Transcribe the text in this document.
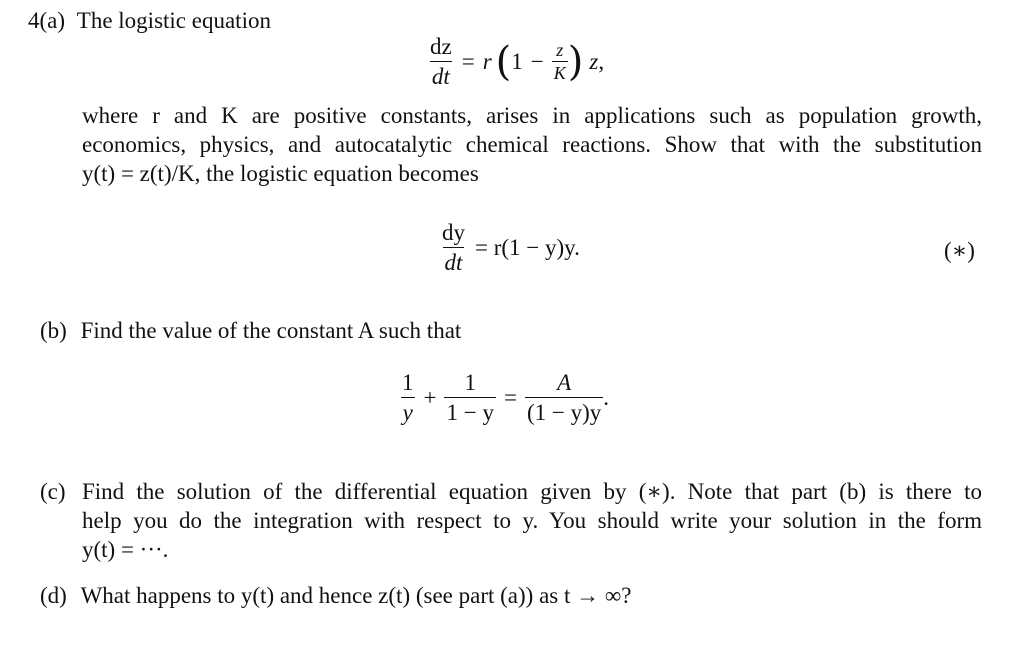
4(a) The logistic equation
$\frac{dz}{dt} = r$ ( $1 - \frac{z}{K}$ ) z ,
where r and K are positive constants, arises in applications such as population growth,
economics, physics, and autocatalytic chemical reactions. Show that with the substitution
y(t) = z(t)/K, the logistic equation becomes
$\frac{dy}{dt} = r(1 - y)y$.	(∗)
(b) Find the value of the constant A such that
$\frac{1}{y} + \frac{1}{1 - y} = \frac{A}{(1 - y)y}$ .
(c) Find the solution of the differential equation given by (∗). Note that part (b) is there to
help you do the integration with respect to y. You should write your solution in the form
y(t) = ···.
(d) What happens to y(t) and hence z(t) (see part (a)) as t → ∞?
